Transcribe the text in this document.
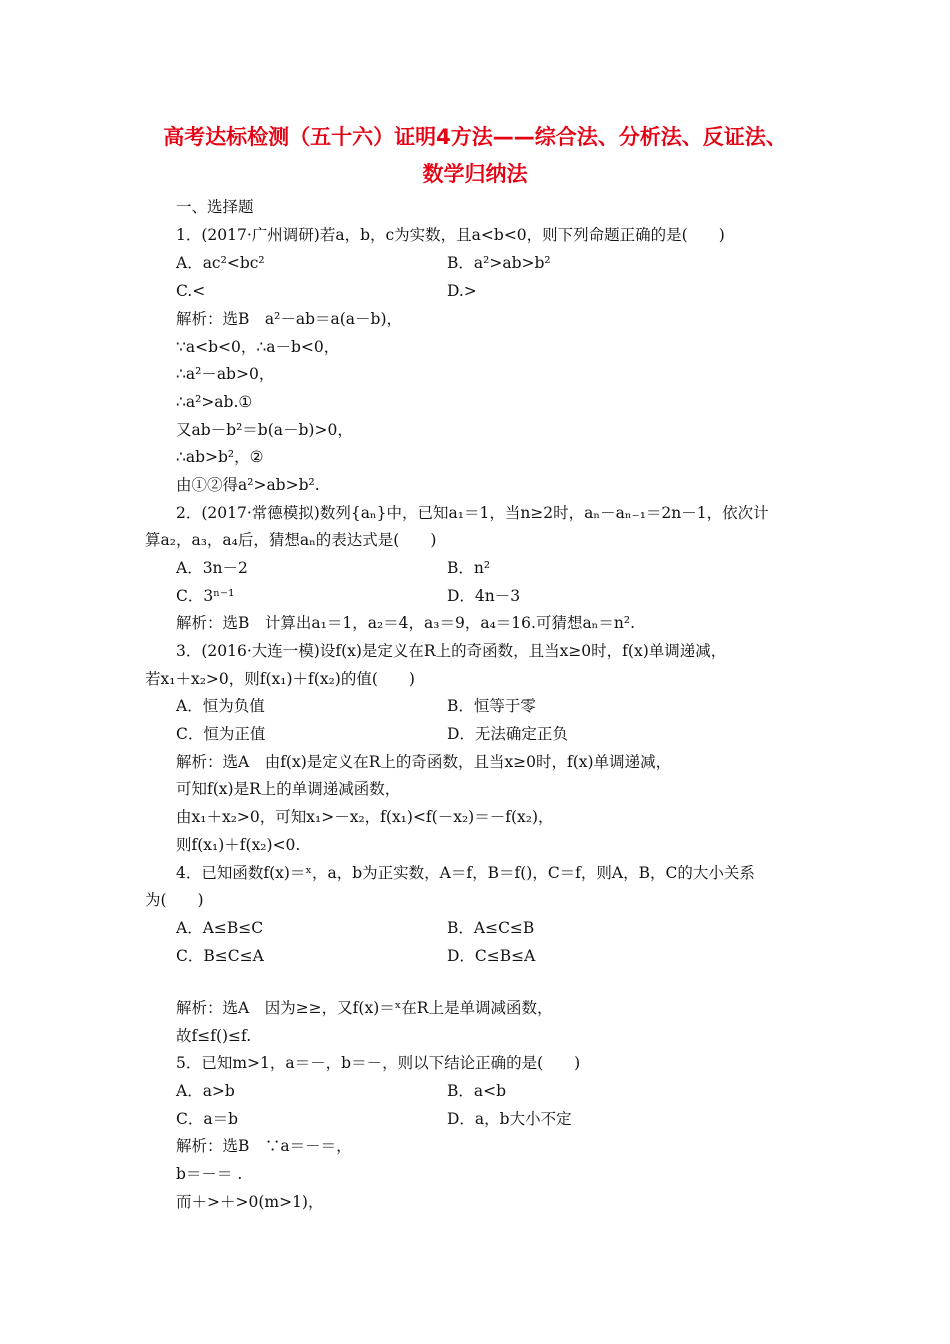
高考达标检测（五十六）证明4方法——综合法、分析法、反证法、
数学归纳法
一、选择题
1．(2017·广州调研)若a，b，c为实数，且a<b<0，则下列命题正确的是(　　)
A．ac²<bc²	B．a²>ab>b²
C.<	D.>
解析：选B　a²－ab＝a(a－b)，
∵a<b<0，∴a－b<0，
∴a²－ab>0，
∴a²>ab.①
又ab－b²＝b(a－b)>0，
∴ab>b²，②
由①②得a²>ab>b².
2．(2017·常德模拟)数列{aₙ}中，已知a₁＝1，当n≥2时，aₙ－aₙ₋₁＝2n－1，依次计
算a₂，a₃，a₄后，猜想aₙ的表达式是(　　)
A．3n－2	B．n²
C．3ⁿ⁻¹	D．4n－3
解析：选B　计算出a₁＝1，a₂＝4，a₃＝9，a₄＝16.可猜想aₙ＝n².
3．(2016·大连一模)设f(x)是定义在R上的奇函数，且当x≥0时，f(x)单调递减，
若x₁＋x₂>0，则f(x₁)＋f(x₂)的值(　　)
A．恒为负值	B．恒等于零
C．恒为正值	D．无法确定正负
解析：选A　由f(x)是定义在R上的奇函数，且当x≥0时，f(x)单调递减，
可知f(x)是R上的单调递减函数，
由x₁＋x₂>0，可知x₁>－x₂，f(x₁)<f(－x₂)＝－f(x₂)，
则f(x₁)＋f(x₂)<0.
4．已知函数f(x)＝ˣ，a，b为正实数，A＝f，B＝f()，C＝f，则A，B，C的大小关系
为(　　)
A．A≤B≤C	B．A≤C≤B
C．B≤C≤A	D．C≤B≤A
解析：选A　因为≥≥，又f(x)＝ˣ在R上是单调减函数，
故f≤f()≤f.
5．已知m>1，a＝－，b＝－，则以下结论正确的是(　　)
A．a>b	B．a<b
C．a＝b	D．a，b大小不定
解析：选B　∵a＝－＝，
b＝－＝ .
而＋>＋>0(m>1)，
